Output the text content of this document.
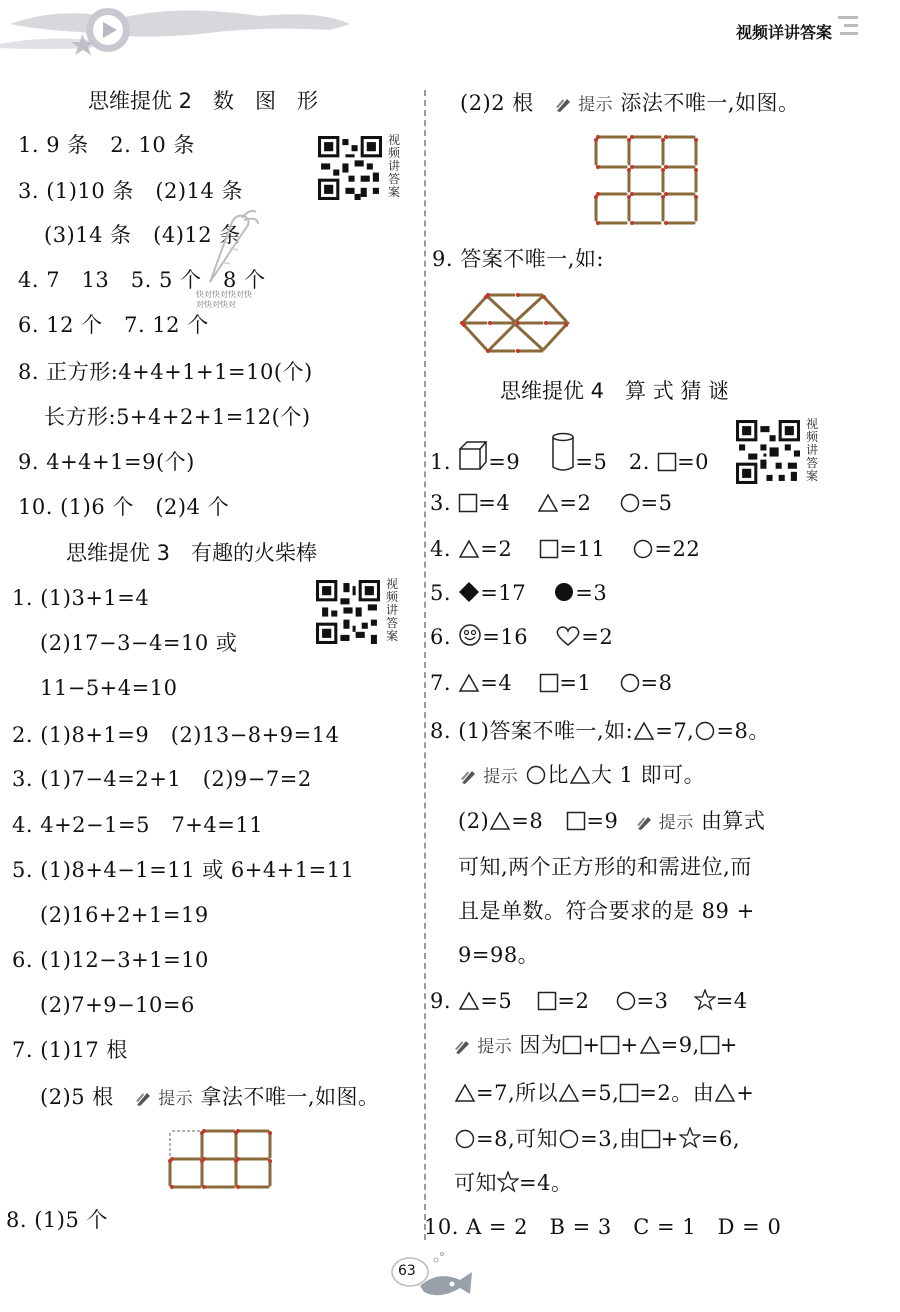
视频详讲答案
思维提优 2　数　图　形
视频讲答案
1. 9 条　2. 10 条
3. (1)10 条　(2)14 条
(3)14 条　(4)12 条
4. 7　13　5. 5 个　8 个
快对快对快对快对快对快对
6. 12 个　7. 12 个
8. 正方形:4+4+1+1=10(个)
长方形:5+4+2+1=12(个)
9. 4+4+1=9(个)
10. (1)6 个　(2)4 个
思维提优 3　有趣的火柴棒
视频讲答案
1. (1)3+1=4
(2)17−3−4=10 或
11−5+4=10
2. (1)8+1=9　(2)13−8+9=14
3. (1)7−4=2+1　(2)9−7=2
4. 4+2−1=5　7+4=11
5. (1)8+4−1=11 或 6+4+1=11
(2)16+2+1=19
6. (1)12−3+1=10
(2)7+9−10=6
7. (1)17 根
(2)5 根	提示 拿法不唯一,如图。
8. (1)5 个
(2)2 根	提示 添法不唯一,如图。
9. 答案不唯一,如:
思维提优 4　算 式 猜 谜
视频讲答案
1. =9	=5　2. =0
3. =4 =2 =5
4. =2 =11 =22
5. =17 =3
6. =16	=2
7. =4 =1 =8
8. (1)答案不唯一,如: =7, =8。
提示 比 大 1 即可。
(2) =8 =9 提示 由算式
可知,两个正方形的和需进位,而
且是单数。符合要求的是 89 +
9=98。
9. =5 =2 =3 =4
提示 因为 + + =9, +
=7,所以 =5, =2。由 +
=8,可知 =3,由 + =6,
可知 =4。
10. A = 2　B = 3　C = 1　D = 0
63
